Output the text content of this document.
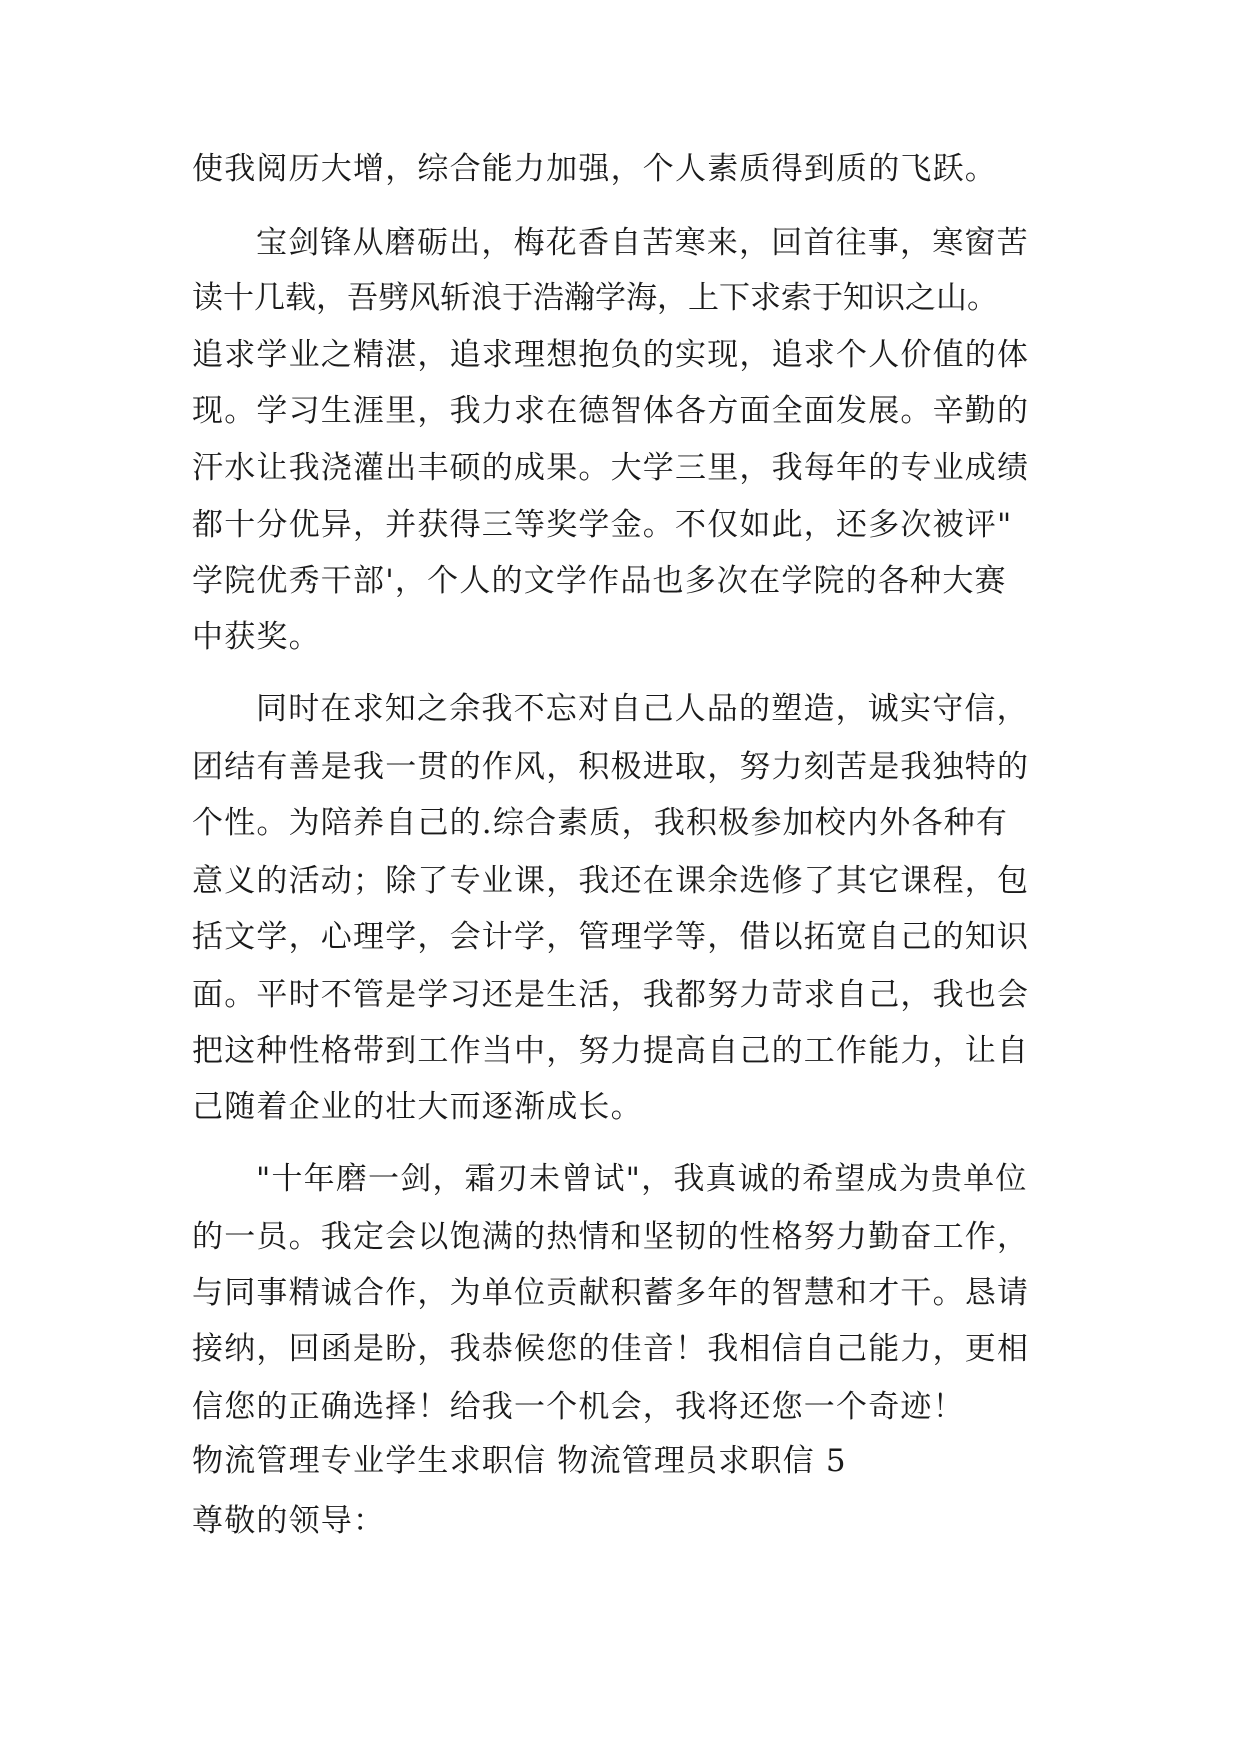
使我阅历大增，综合能力加强，个人素质得到质的飞跃。
宝剑锋从磨砺出，梅花香自苦寒来，回首往事，寒窗苦
读十几载，吾劈风斩浪于浩瀚学海，上下求索于知识之山。
追求学业之精湛，追求理想抱负的实现，追求个人价值的体
现。学习生涯里，我力求在德智体各方面全面发展。辛勤的
汗水让我浇灌出丰硕的成果。大学三里，我每年的专业成绩
都十分优异，并获得三等奖学金。不仅如此，还多次被评"
学院优秀干部'，个人的文学作品也多次在学院的各种大赛
中获奖。
同时在求知之余我不忘对自己人品的塑造，诚实守信，
团结有善是我一贯的作风，积极进取，努力刻苦是我独特的
个性。为陪养自己的.综合素质，我积极参加校内外各种有
意义的活动；除了专业课，我还在课余选修了其它课程，包
括文学，心理学，会计学，管理学等，借以拓宽自己的知识
面。平时不管是学习还是生活，我都努力苛求自己，我也会
把这种性格带到工作当中，努力提高自己的工作能力，让自
己随着企业的壮大而逐渐成长。
"十年磨一剑，霜刃未曾试"，我真诚的希望成为贵单位
的一员。我定会以饱满的热情和坚韧的性格努力勤奋工作，
与同事精诚合作，为单位贡献积蓄多年的智慧和才干。恳请
接纳，回函是盼，我恭候您的佳音！我相信自己能力，更相
信您的正确选择！给我一个机会，我将还您一个奇迹！
物流管理专业学生求职信 物流管理员求职信 5
尊敬的领导：
